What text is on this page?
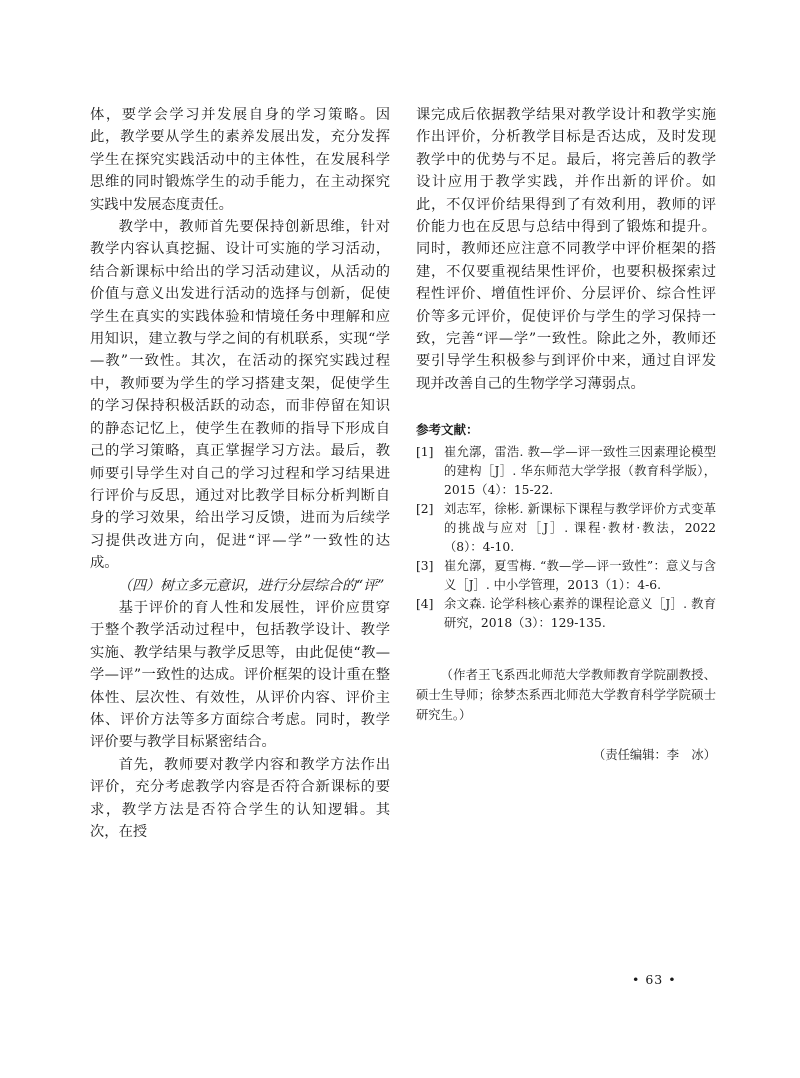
体，要学会学习并发展自身的学习策略。因此，教学要从学生的素养发展出发，充分发挥学生在探究实践活动中的主体性，在发展科学思维的同时锻炼学生的动手能力，在主动探究实践中发展态度责任。

教学中，教师首先要保持创新思维，针对教学内容认真挖掘、设计可实施的学习活动，结合新课标中给出的学习活动建议，从活动的价值与意义出发进行活动的选择与创新，促使学生在真实的实践体验和情境任务中理解和应用知识，建立教与学之间的有机联系，实现“学—教”一致性。其次，在活动的探究实践过程中，教师要为学生的学习搭建支架，促使学生的学习保持积极活跃的动态，而非停留在知识的静态记忆上，使学生在教师的指导下形成自己的学习策略，真正掌握学习方法。最后，教师要引导学生对自己的学习过程和学习结果进行评价与反思，通过对比教学目标分析判断自身的学习效果，给出学习反馈，进而为后续学习提供改进方向，促进“评—学”一致性的达成。

（四）树立多元意识，进行分层综合的“评”

基于评价的育人性和发展性，评价应贯穿于整个教学活动过程中，包括教学设计、教学实施、教学结果与教学反思等，由此促使“教—学—评”一致性的达成。评价框架的设计重在整体性、层次性、有效性，从评价内容、评价主体、评价方法等多方面综合考虑。同时，教学评价要与教学目标紧密结合。

首先，教师要对教学内容和教学方法作出评价，充分考虑教学内容是否符合新课标的要求，教学方法是否符合学生的认知逻辑。其次，在授

课完成后依据教学结果对教学设计和教学实施作出评价，分析教学目标是否达成，及时发现教学中的优势与不足。最后，将完善后的教学设计应用于教学实践，并作出新的评价。如此，不仅评价结果得到了有效利用，教师的评价能力也在反思与总结中得到了锻炼和提升。同时，教师还应注意不同教学中评价框架的搭建，不仅要重视结果性评价，也要积极探索过程性评价、增值性评价、分层评价、综合性评价等多元评价，促使评价与学生的学习保持一致，完善“评—学”一致性。除此之外，教师还要引导学生积极参与到评价中来，通过自评发现并改善自己的生物学学习薄弱点。

参考文献：

[1] 崔允漷，雷浩. 教—学—评一致性三因素理论模型的建构［J］. 华东师范大学学报（教育科学版），2015（4）：15-22.
[2] 刘志军，徐彬. 新课标下课程与教学评价方式变革的挑战与应对［J］. 课程·教材·教法，2022（8）：4-10.
[3] 崔允漷，夏雪梅. “教—学—评一致性”：意义与含义［J］. 中小学管理，2013（1）：4-6.
[4] 余文森. 论学科核心素养的课程论意义［J］. 教育研究，2018（3）：129-135.

（作者王飞系西北师范大学教师教育学院副教授、硕士生导师；徐梦杰系西北师范大学教育科学学院硕士研究生。）

（责任编辑：李　冰）

• 63 •
